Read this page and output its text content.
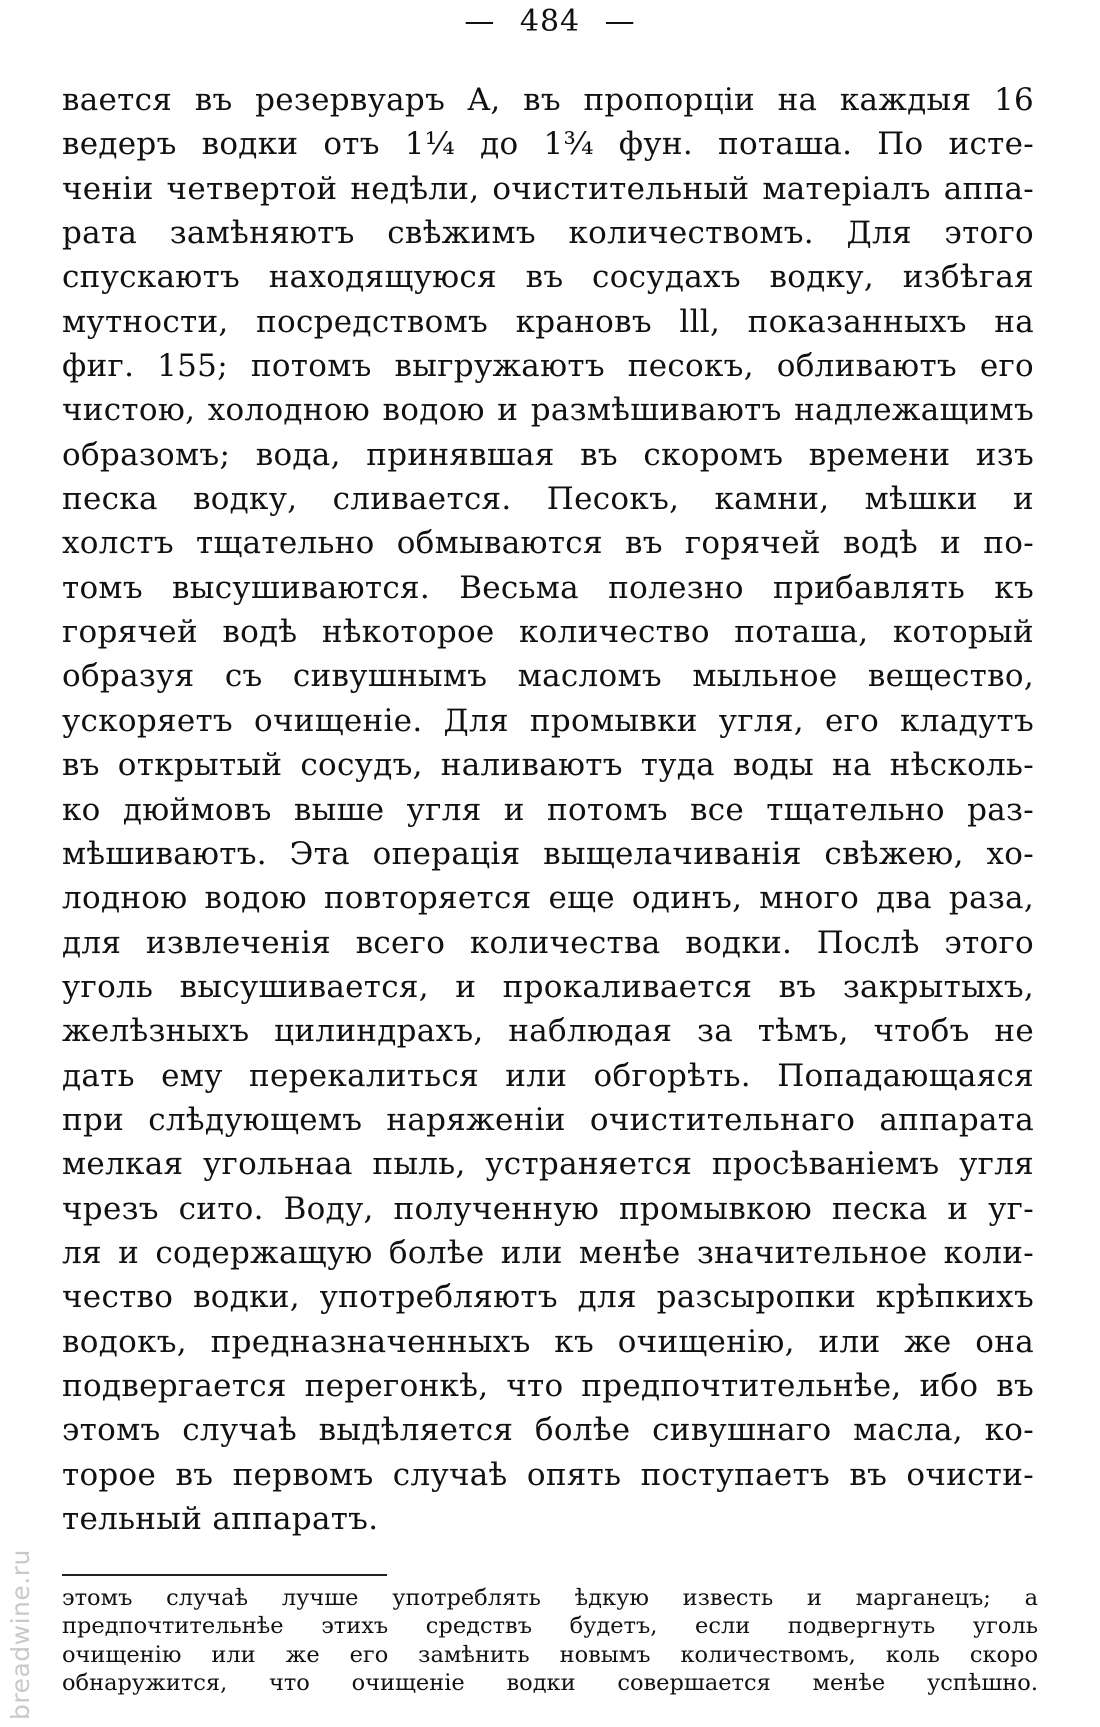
— 484 —
вается въ резервуаръ A, въ пропорціи на каждыя 16
ведеръ водки отъ 1¼ до 1¾ фун. поташа. По исте-
ченіи четвертой недѣли, очистительный матеріалъ аппа-
рата замѣняютъ свѣжимъ количествомъ. Для этого
спускаютъ находящуюся въ сосудахъ водку, избѣгая
мутности, посредствомъ крановъ lll, показанныхъ на
фиг. 155; потомъ выгружаютъ песокъ, обливаютъ его
чистою, холодною водою и размѣшиваютъ надлежащимъ
образомъ; вода, принявшая въ скоромъ времени изъ
песка водку, сливается. Песокъ, камни, мѣшки и
холстъ тщательно обмываются въ горячей водѣ и по-
томъ высушиваются. Весьма полезно прибавлять къ
горячей водѣ нѣкоторое количество поташа, который
образуя съ сивушнымъ масломъ мыльное вещество,
ускоряетъ очищеніе. Для промывки угля, его кладутъ
въ открытый сосудъ, наливаютъ туда воды на нѣсколь-
ко дюймовъ выше угля и потомъ все тщательно раз-
мѣшиваютъ. Эта операція выщелачиванія свѣжею, хо-
лодною водою повторяется еще одинъ, много два раза,
для извлеченія всего количества водки. Послѣ этого
уголь высушивается, и прокаливается въ закрытыхъ,
желѣзныхъ цилиндрахъ, наблюдая за тѣмъ, чтобъ не
дать ему перекалиться или обгорѣть. Попадающаяся
при слѣдующемъ наряженіи очистительнаго аппарата
мелкая угольнаа пыль, устраняется просѣваніемъ угля
чрезъ сито. Воду, полученную промывкою песка и уг-
ля и содержащую болѣе или менѣе значительное коли-
чество водки, употребляютъ для разсыропки крѣпкихъ
водокъ, предназначенныхъ къ очищенію, или же она
подвергается перегонкѣ, что предпочтительнѣе, ибо въ
этомъ случаѣ выдѣляется болѣе сивушнаго масла, ко-
торое въ первомъ случаѣ опять поступаетъ въ очисти-
тельный аппаратъ.
этомъ случаѣ лучше употреблять ѣдкую известь и марганецъ; а
предпочтительнѣе этихъ средствъ будетъ, если подвергнуть уголь
очищенію или же его замѣнить новымъ количествомъ, коль скоро
обнаружится, что очищеніе водки совершается менѣе успѣшно.
breadwine.ru
